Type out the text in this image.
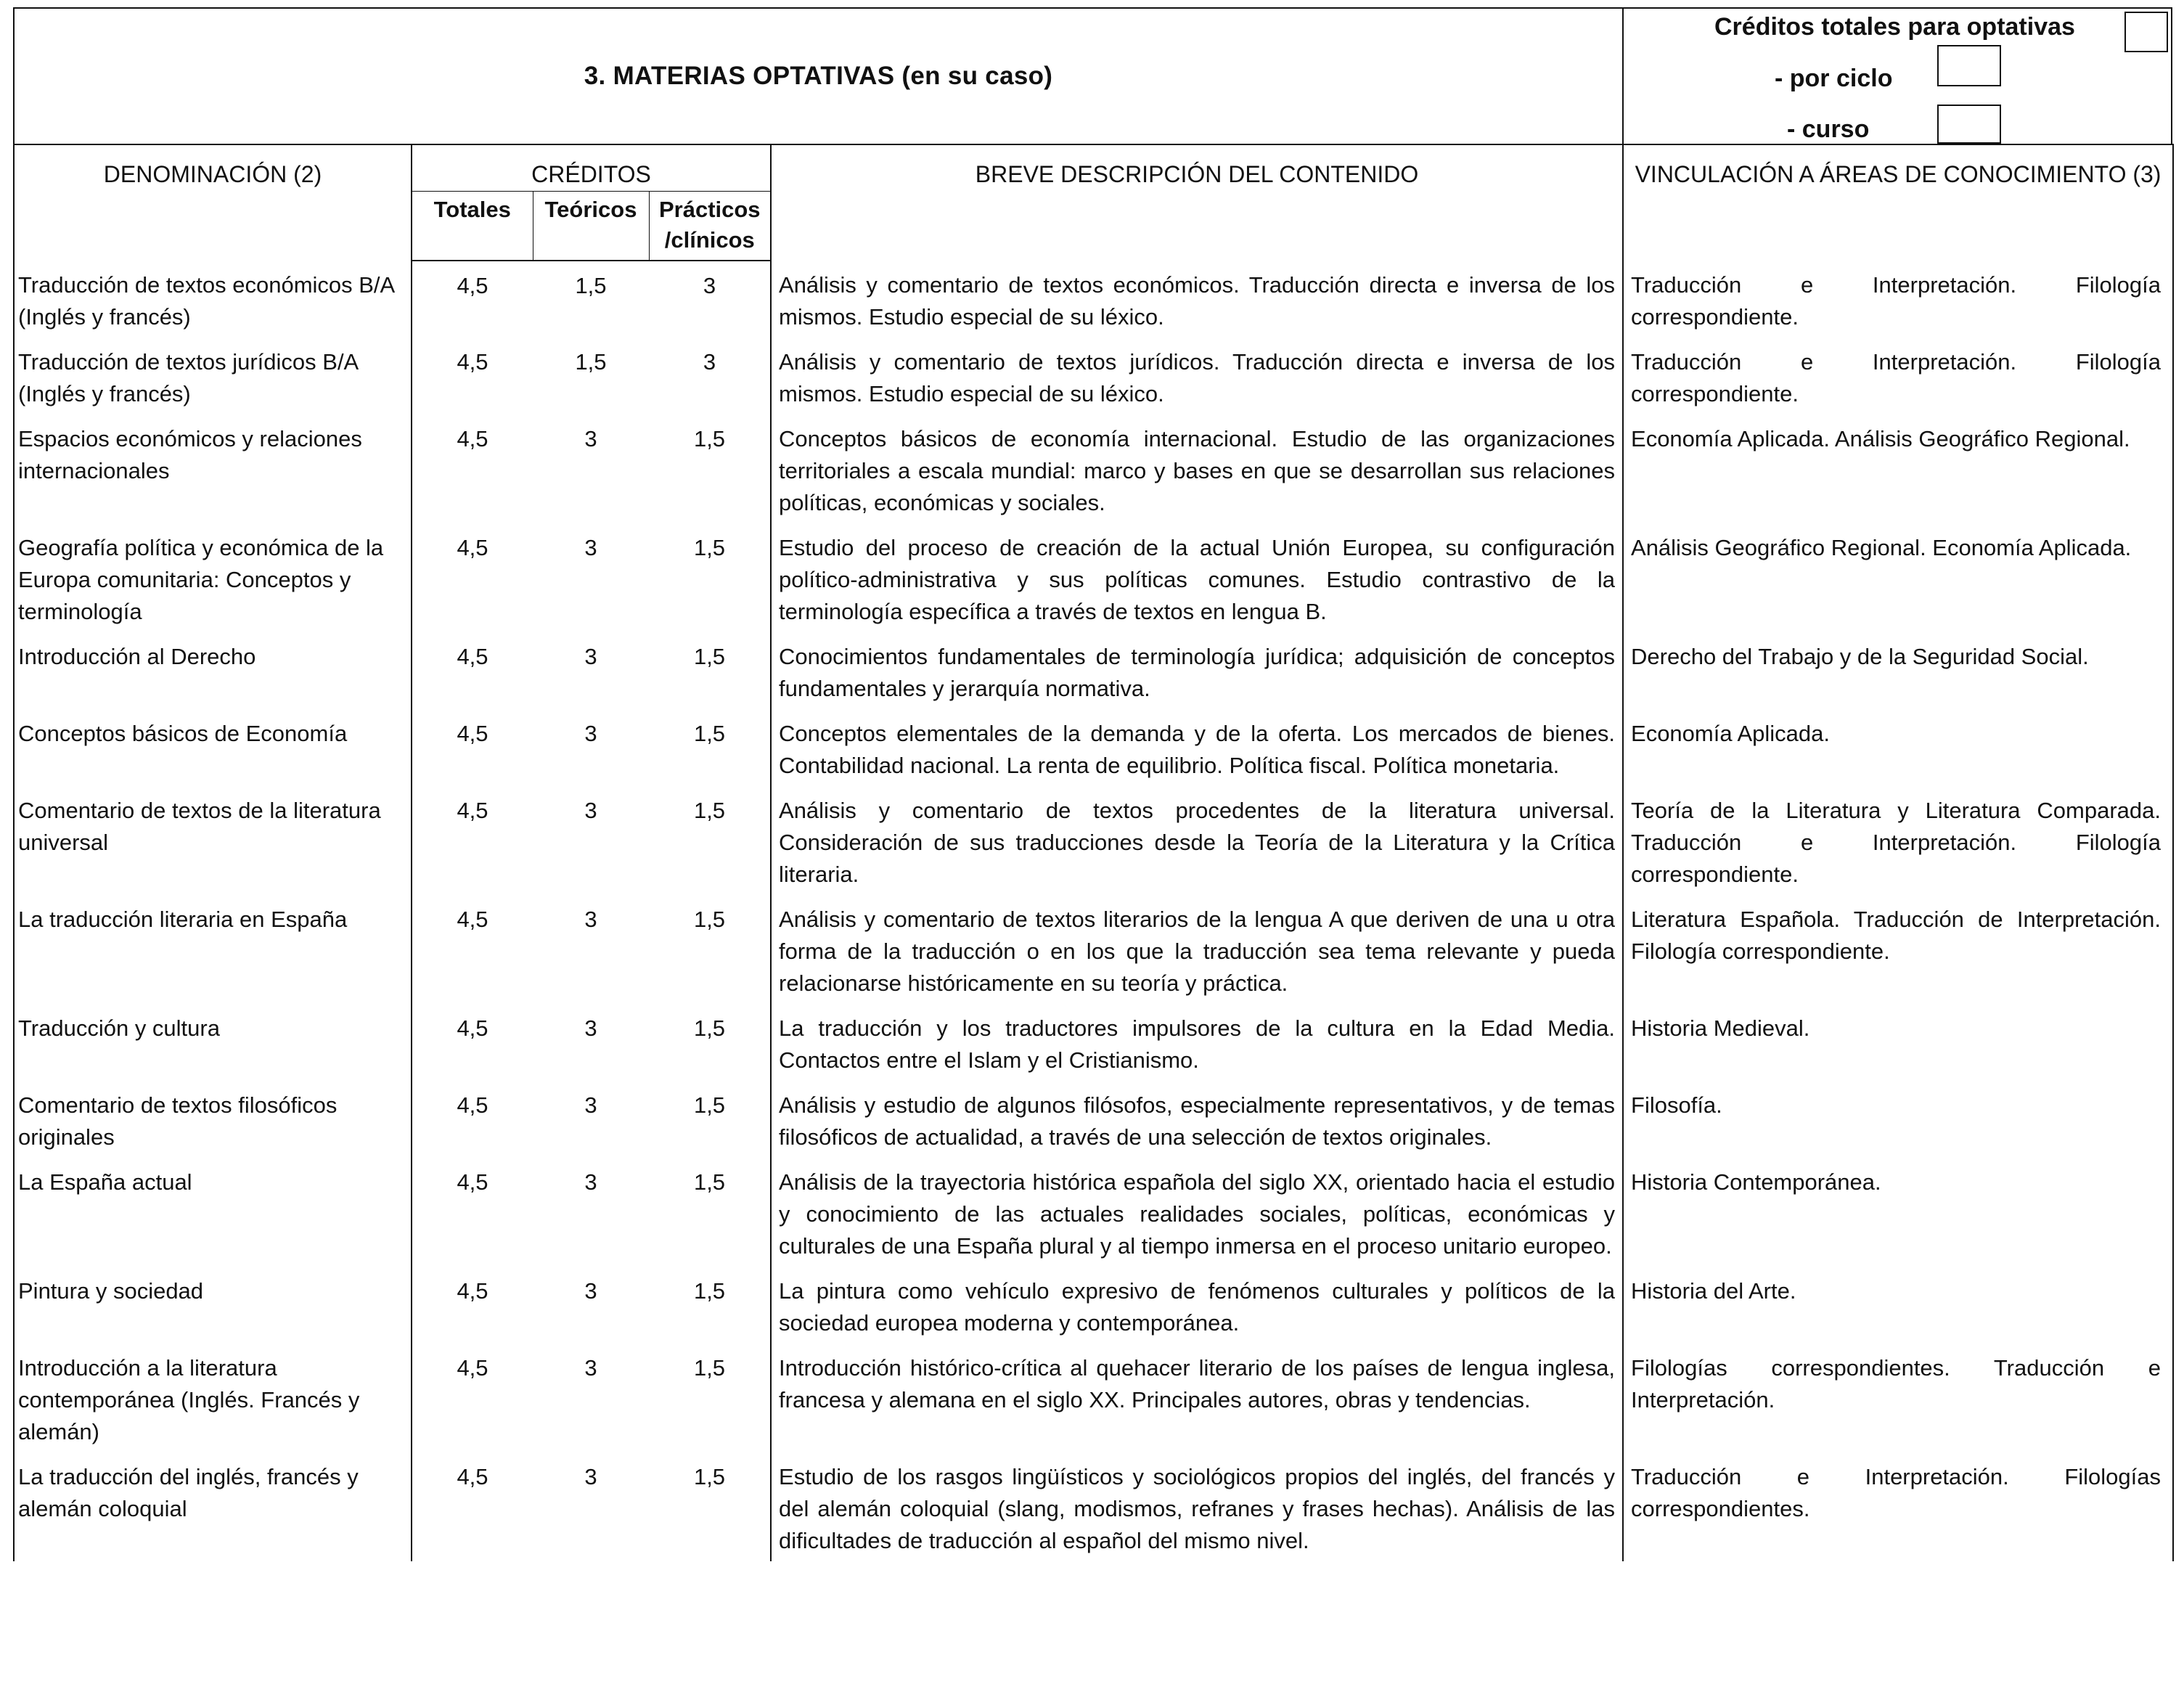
3. MATERIAS OPTATIVAS (en su caso)
Créditos totales para optativas
- por ciclo
- curso
DENOMINACIÓN (2)	CRÉDITOS			BREVE DESCRIPCIÓN DEL CONTENIDO	VINCULACIÓN A ÁREAS DE CONOCIMIENTO (3)
	Totales	Teóricos	Prácticos /clínicos		
Traducción de textos económicos B/A (Inglés y francés)	4,5	1,5	3	Análisis y comentario de textos económicos. Traducción directa e inversa de los mismos. Estudio especial de su léxico.	Traducción e Interpretación. Filología correspondiente.
Traducción de textos jurídicos B/A (Inglés y francés)	4,5	1,5	3	Análisis y comentario de textos jurídicos. Traducción directa e inversa de los mismos. Estudio especial de su léxico.	Traducción e Interpretación. Filología correspondiente.
Espacios económicos y relaciones internacionales	4,5	3	1,5	Conceptos básicos de economía internacional. Estudio de las organizaciones territoriales a escala mundial: marco y bases en que se desarrollan sus relaciones políticas, económicas y sociales.	Economía Aplicada. Análisis Geográfico Regional.
Geografía política y económica de la Europa comunitaria: Conceptos y terminología	4,5	3	1,5	Estudio del proceso de creación de la actual Unión Europea, su configuración político-administrativa y sus políticas comunes. Estudio contrastivo de la terminología específica a través de textos en lengua B.	Análisis Geográfico Regional. Economía Aplicada.
Introducción al Derecho	4,5	3	1,5	Conocimientos fundamentales de terminología jurídica; adquisición de conceptos fundamentales y jerarquía normativa.	Derecho del Trabajo y de la Seguridad Social.
Conceptos básicos de Economía	4,5	3	1,5	Conceptos elementales de la demanda y de la oferta. Los mercados de bienes. Contabilidad nacional. La renta de equilibrio. Política fiscal. Política monetaria.	Economía Aplicada.
Comentario de textos de la literatura universal	4,5	3	1,5	Análisis y comentario de textos procedentes de la literatura universal. Consideración de sus traducciones desde la Teoría de la Literatura y la Crítica literaria.	Teoría de la Literatura y Literatura Comparada. Traducción e Interpretación. Filología correspondiente.
La traducción literaria en España	4,5	3	1,5	Análisis y comentario de textos literarios de la lengua A que deriven de una u otra forma de la traducción o en los que la traducción sea tema relevante y pueda relacionarse históricamente en su teoría y práctica.	Literatura Española. Traducción de Interpretación. Filología correspondiente.
Traducción y cultura	4,5	3	1,5	La traducción y los traductores impulsores de la cultura en la Edad Media. Contactos entre el Islam y el Cristianismo.	Historia Medieval.
Comentario de textos filosóficos originales	4,5	3	1,5	Análisis y estudio de algunos filósofos, especialmente representativos, y de temas filosóficos de actualidad, a través de una selección de textos originales.	Filosofía.
La España actual	4,5	3	1,5	Análisis de la trayectoria histórica española del siglo XX, orientado hacia el estudio y conocimiento de las actuales realidades sociales, políticas, económicas y culturales de una España plural y al tiempo inmersa en el proceso unitario europeo.	Historia Contemporánea.
Pintura y sociedad	4,5	3	1,5	La pintura como vehículo expresivo de fenómenos culturales y políticos de la sociedad europea moderna y contemporánea.	Historia del Arte.
Introducción a la literatura contemporánea (Inglés. Francés y alemán)	4,5	3	1,5	Introducción histórico-crítica al quehacer literario de los países de lengua inglesa, francesa y alemana en el siglo XX. Principales autores, obras y tendencias.	Filologías correspondientes. Traducción e Interpretación.
La traducción del inglés, francés y alemán coloquial	4,5	3	1,5	Estudio de los rasgos lingüísticos y sociológicos propios del inglés, del francés y del alemán coloquial (slang, modismos, refranes y frases hechas). Análisis de las dificultades de traducción al español del mismo nivel.	Traducción e Interpretación. Filologías correspondientes.
